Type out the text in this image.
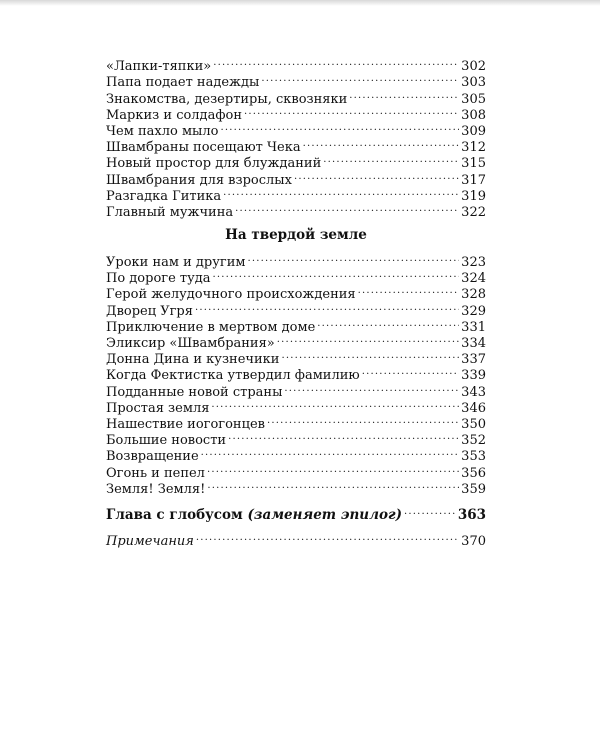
«Лапки-тяпки» .....	302
Папа подает надежды .....	303
Знакомства, дезертиры, сквозняки .....	305
Маркиз и солдафон .....	308
Чем пахло мыло .....	309
Швамбраны посещают Чека .....	312
Новый простор для блужданий .....	315
Швамбрания для взрослых .....	317
Разгадка Гитика .....	319
Главный мужчина .....	322
На твердой земле
Уроки нам и другим .....	323
По дороге туда .....	324
Герой желудочного происхождения .....	328
Дворец Угря .....	329
Приключение в мертвом доме .....	331
Эликсир «Швамбрания» .....	334
Донна Дина и кузнечики .....	337
Когда Фектистка утвердил фамилию .....	339
Подданные новой страны .....	343
Простая земля .....	346
Нашествие иогогонцев .....	350
Большие новости .....	352
Возвращение .....	353
Огонь и пепел .....	356
Земля! Земля! .....	359
Глава с глобусом (заменяет эпилог) .....	363
Примечания .....	370
